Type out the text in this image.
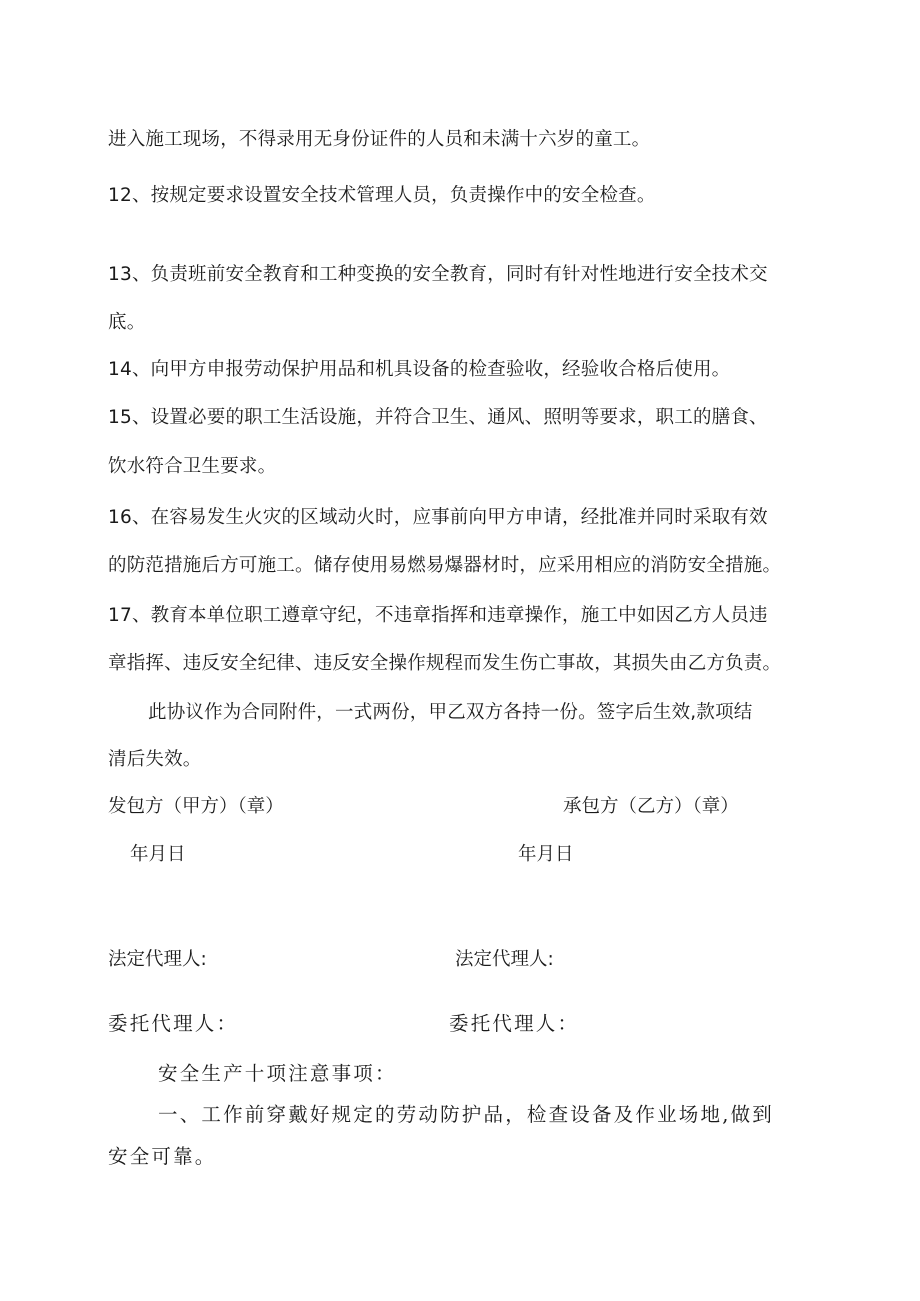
进入施工现场，不得录用无身份证件的人员和未满十六岁的童工。
12、按规定要求设置安全技术管理人员，负责操作中的安全检查。
13、负责班前安全教育和工种变换的安全教育，同时有针对性地进行安全技术交
底。
14、向甲方申报劳动保护用品和机具设备的检查验收，经验收合格后使用。
15、设置必要的职工生活设施，并符合卫生、通风、照明等要求，职工的膳食、
饮水符合卫生要求。
16、在容易发生火灾的区域动火时，应事前向甲方申请，经批准并同时采取有效
的防范措施后方可施工。储存使用易燃易爆器材时，应采用相应的消防安全措施。
17、教育本单位职工遵章守纪，不违章指挥和违章操作，施工中如因乙方人员违
章指挥、违反安全纪律、违反安全操作规程而发生伤亡事故，其损失由乙方负责。
此协议作为合同附件，一式两份，甲乙双方各持一份。签字后生效,款项结
清后失效。
发包方（甲方）（章）	承包方（乙方）（章）
年月日	年月日
法定代理人:	法定代理人:
委托代理人：	委托代理人：
安全生产十项注意事项：
一、工作前穿戴好规定的劳动防护品，检查设备及作业场地,做到
安全可靠。
